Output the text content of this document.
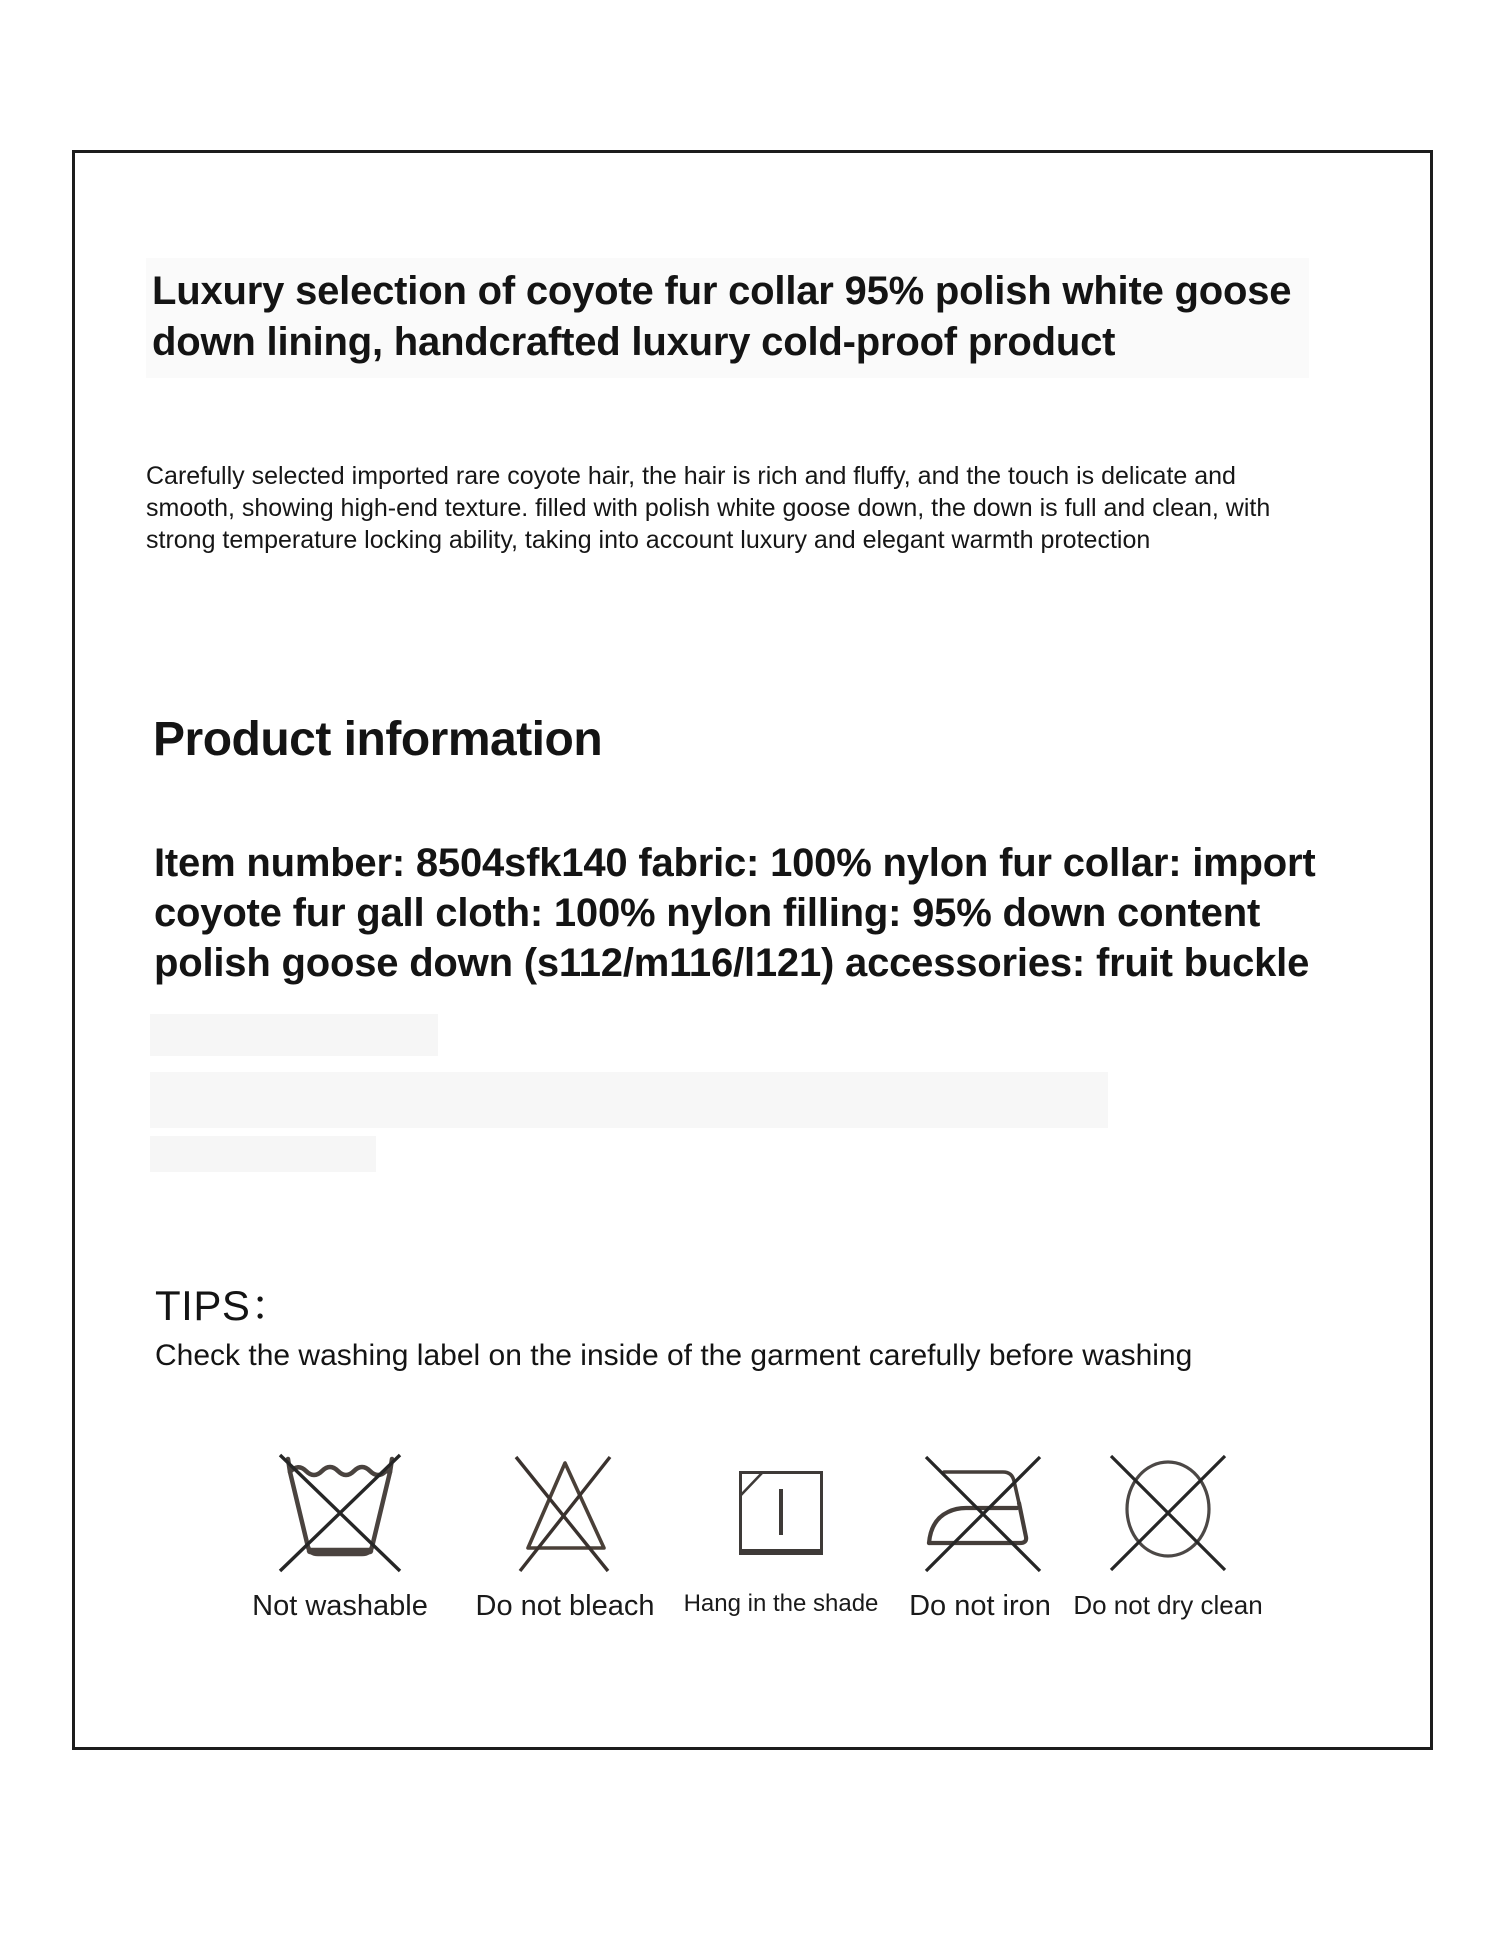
Luxury selection of coyote fur collar 95% polish white goose
down lining, handcrafted luxury cold-proof product
Carefully selected imported rare coyote hair, the hair is rich and fluffy, and the touch is delicate and
smooth, showing high-end texture. filled with polish white goose down, the down is full and clean, with
strong temperature locking ability, taking into account luxury and elegant warmth protection
Product information
Item number: 8504sfk140 fabric: 100% nylon fur collar: import
coyote fur gall cloth: 100% nylon filling: 95% down content
polish goose down (s112/m116/l121) accessories: fruit buckle
TIPS：
Check the washing label on the inside of the garment carefully before washing
Not washable Do not bleach Hang in the shade Do not iron Do not dry clean
